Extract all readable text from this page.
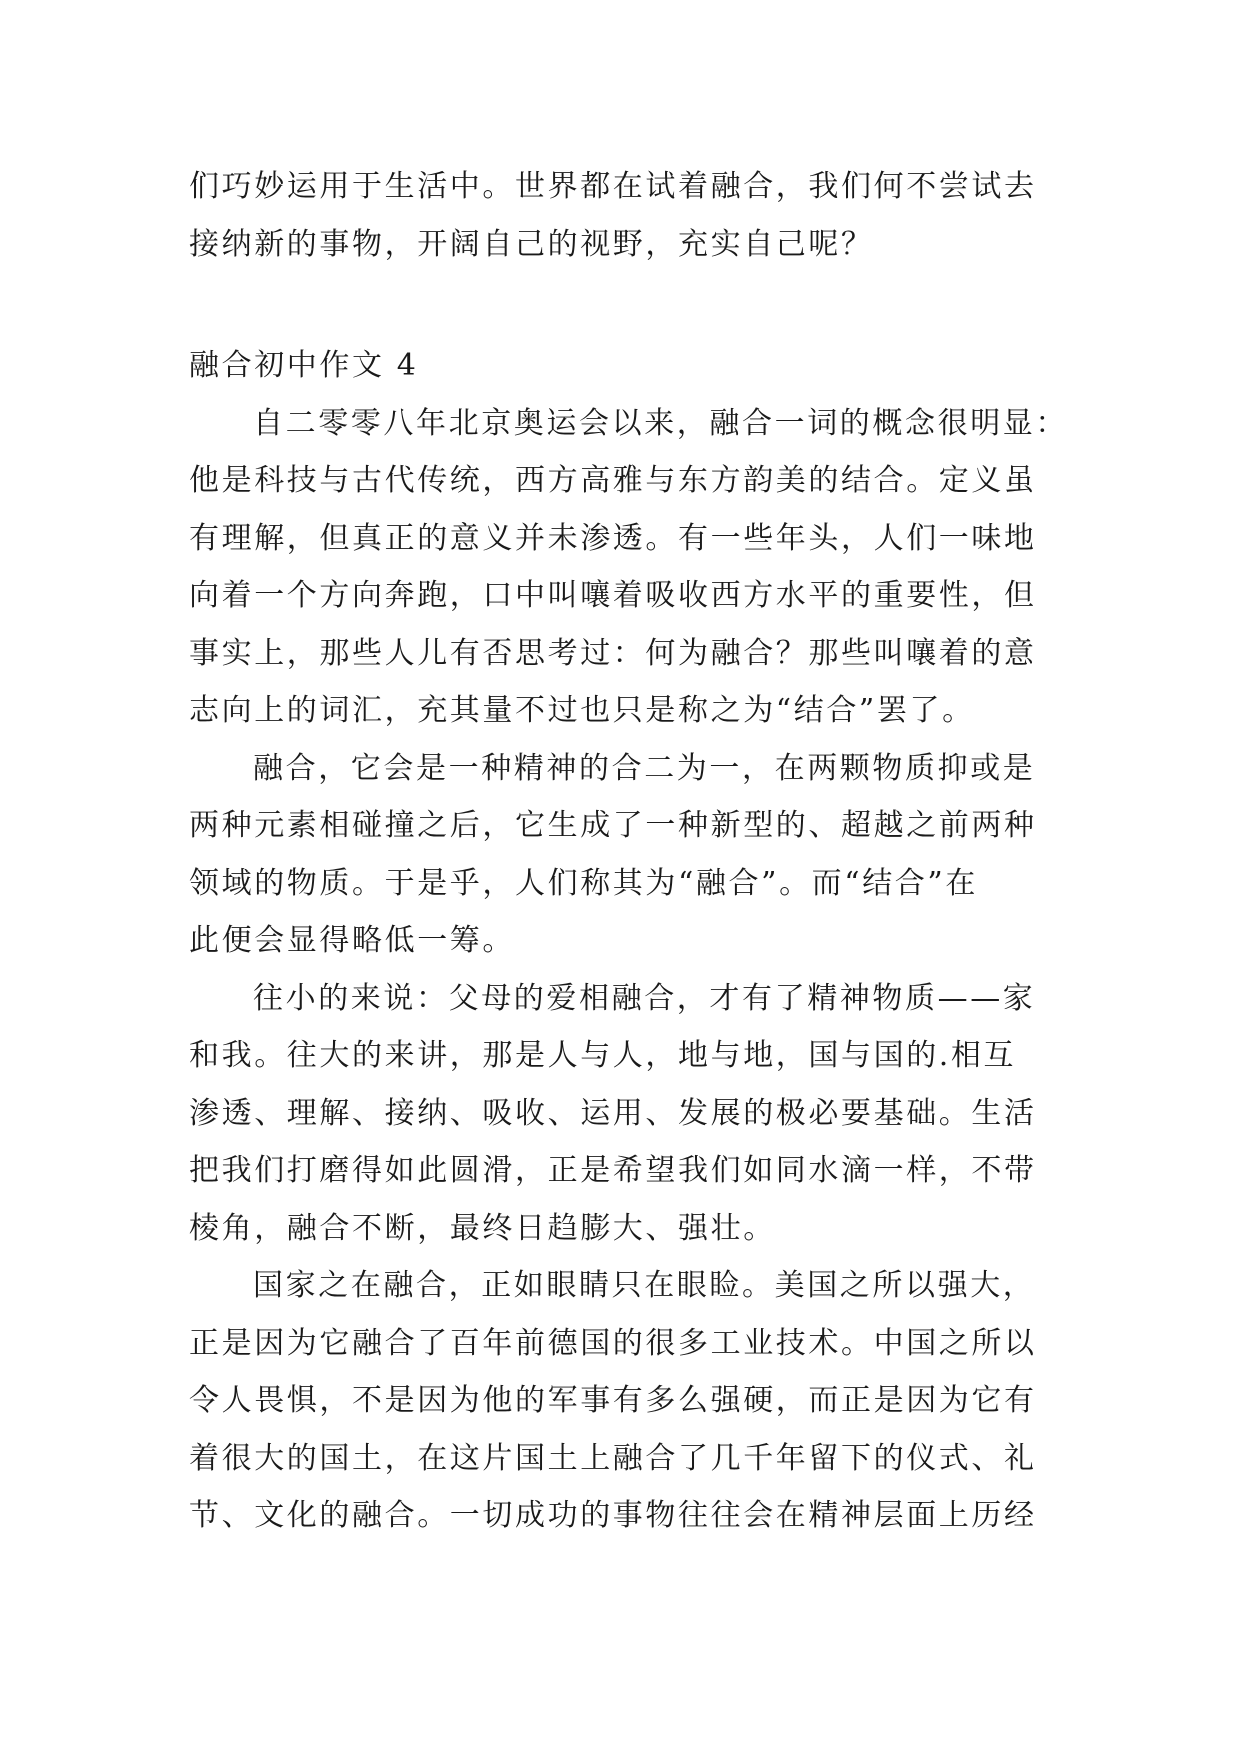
们巧妙运用于生活中。世界都在试着融合，我们何不尝试去
接纳新的事物，开阔自己的视野，充实自己呢？
融合初中作文 4
自二零零八年北京奥运会以来，融合一词的概念很明显：
他是科技与古代传统，西方高雅与东方韵美的结合。定义虽
有理解，但真正的意义并未渗透。有一些年头，人们一味地
向着一个方向奔跑，口中叫嚷着吸收西方水平的重要性，但
事实上，那些人儿有否思考过：何为融合？那些叫嚷着的意
志向上的词汇，充其量不过也只是称之为“结合”罢了。
融合，它会是一种精神的合二为一，在两颗物质抑或是
两种元素相碰撞之后，它生成了一种新型的、超越之前两种
领域的物质。于是乎，人们称其为“融合”。而“结合”在
此便会显得略低一筹。
往小的来说：父母的爱相融合，才有了精神物质——家
和我。往大的来讲，那是人与人，地与地，国与国的.相互
渗透、理解、接纳、吸收、运用、发展的极必要基础。生活
把我们打磨得如此圆滑，正是希望我们如同水滴一样，不带
棱角，融合不断，最终日趋膨大、强壮。
国家之在融合，正如眼睛只在眼睑。美国之所以强大，
正是因为它融合了百年前德国的很多工业技术。中国之所以
令人畏惧，不是因为他的军事有多么强硬，而正是因为它有
着很大的国土，在这片国土上融合了几千年留下的仪式、礼
节、文化的融合。一切成功的事物往往会在精神层面上历经
